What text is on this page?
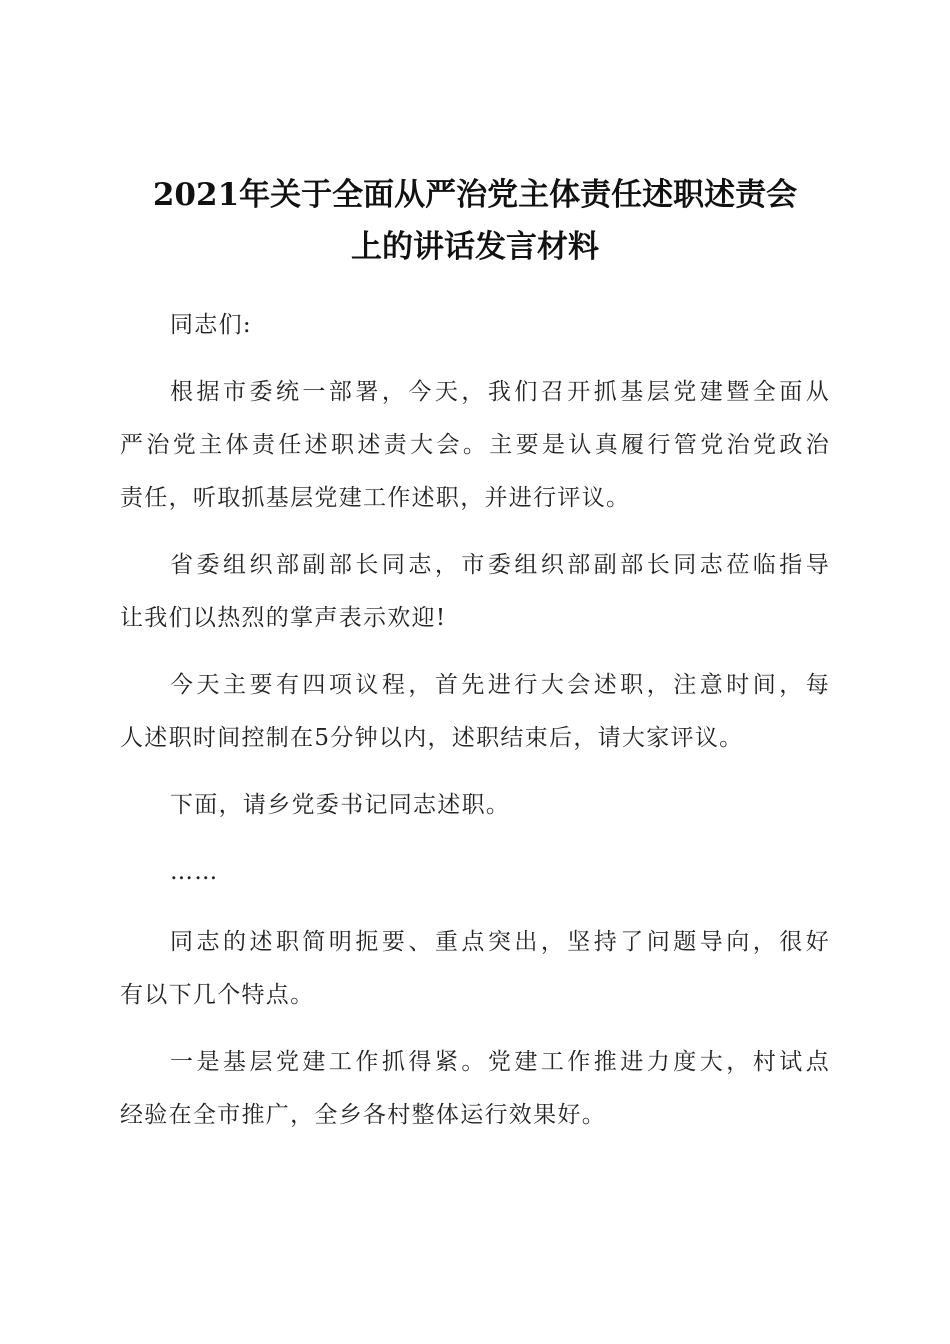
2021年关于全面从严治党主体责任述职述责会
上的讲话发言材料
同志们:
根据市委统一部署，今天，我们召开抓基层党建暨全面从
严治党主体责任述职述责大会。主要是认真履行管党治党政治
责任，听取抓基层党建工作述职，并进行评议。
省委组织部副部长同志，市委组织部副部长同志莅临指导
让我们以热烈的掌声表示欢迎!
今天主要有四项议程，首先进行大会述职，注意时间，每
人述职时间控制在5分钟以内，述职结束后，请大家评议。
下面，请乡党委书记同志述职。
……
同志的述职简明扼要、重点突出，坚持了问题导向，很好
有以下几个特点。
一是基层党建工作抓得紧。党建工作推进力度大，村试点
经验在全市推广，全乡各村整体运行效果好。
